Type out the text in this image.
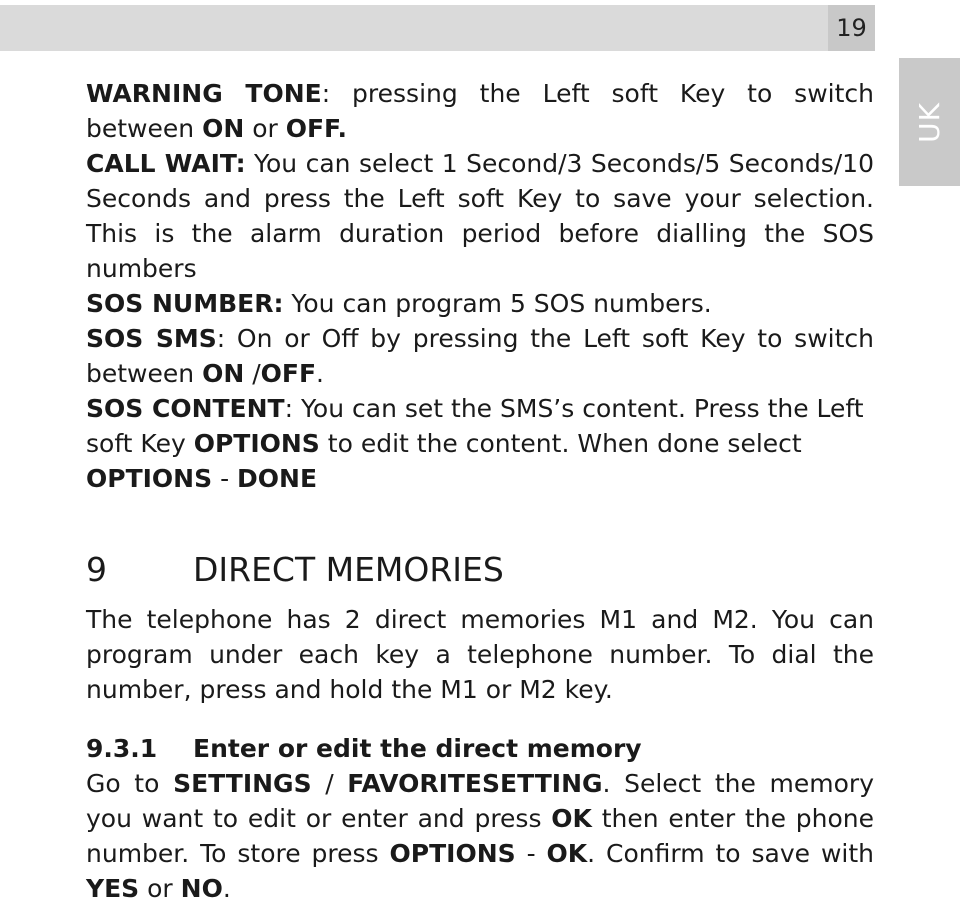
19
UK

WARNING TONE: pressing the Left soft Key to switch between ON or OFF.

CALL WAIT: You can select 1 Second/3 Seconds/5 Seconds/10 Seconds and press the Left soft Key to save your selection. This is the alarm duration period before dialling the SOS numbers

SOS NUMBER: You can program 5 SOS numbers.

SOS SMS: On or Off by pressing the Left soft Key to switch between ON /OFF.

SOS CONTENT: You can set the SMS’s content. Press the Left soft Key OPTIONS to edit the content. When done select OPTIONS - DONE

9	DIRECT MEMORIES

The telephone has 2 direct memories M1 and M2. You can program under each key a telephone number. To dial the number, press and hold the M1 or M2 key.

9.3.1 Enter or edit the direct memory

Go to SETTINGS / FAVORITESETTING. Select the memory you want to edit or enter and press OK then enter the phone number. To store press OPTIONS - OK. Confirm to save with YES or NO.
